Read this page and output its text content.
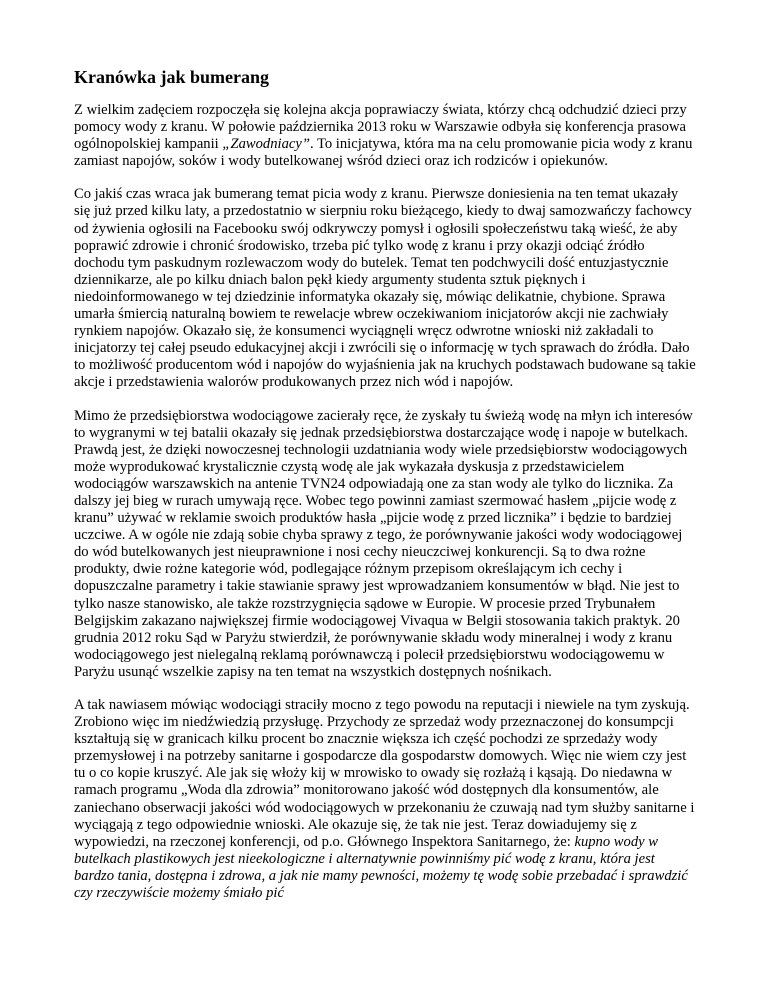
Kranówka jak bumerang

Z wielkim zadęciem rozpoczęła się kolejna akcja poprawiaczy świata, którzy chcą odchudzić dzieci przy pomocy wody z kranu. W połowie października 2013 roku w Warszawie odbyła się konferencja prasowa ogólnopolskiej kampanii „Zawodniacy”. To inicjatywa, która ma na celu promowanie picia wody z kranu zamiast napojów, soków i wody butelkowanej wśród dzieci oraz ich rodziców i opiekunów.

Co jakiś czas wraca jak bumerang temat picia wody z kranu. Pierwsze doniesienia na ten temat ukazały się już przed kilku laty, a przedostatnio w sierpniu roku bieżącego, kiedy to dwaj samozwańczy fachowcy od żywienia ogłosili na Facebooku swój odkrywczy pomysł i ogłosili społeczeństwu taką wieść, że aby poprawić zdrowie i chronić środowisko, trzeba pić tylko wodę z kranu i przy okazji odciąć źródło dochodu tym paskudnym rozlewaczom wody do butelek. Temat ten podchwycili dość entuzjastycznie dziennikarze, ale po kilku dniach balon pękł kiedy argumenty studenta sztuk pięknych i niedoinformowanego w tej dziedzinie informatyka okazały się, mówiąc delikatnie, chybione. Sprawa umarła śmiercią naturalną bowiem te rewelacje wbrew oczekiwaniom inicjatorów akcji nie zachwiały rynkiem napojów. Okazało się, że konsumenci wyciągnęli wręcz odwrotne wnioski niż zakładali to inicjatorzy tej całej pseudo edukacyjnej akcji i zwrócili się o informację w tych sprawach do źródła. Dało to możliwość producentom wód i napojów do wyjaśnienia jak na kruchych podstawach budowane są takie akcje i przedstawienia walorów produkowanych przez nich wód i napojów.

Mimo że przedsiębiorstwa wodociągowe zacierały ręce, że zyskały tu świeżą wodę na młyn ich interesów to wygranymi w tej batalii okazały się jednak przedsiębiorstwa dostarczające wodę i napoje w butelkach. Prawdą jest, że dzięki nowoczesnej technologii uzdatniania wody wiele przedsiębiorstw wodociągowych może wyprodukować krystalicznie czystą wodę ale jak wykazała dyskusja z przedstawicielem wodociągów warszawskich na antenie TVN24 odpowiadają one za stan wody ale tylko do licznika. Za dalszy jej bieg w rurach umywają ręce. Wobec tego powinni zamiast szermować hasłem „pijcie wodę z kranu” używać w reklamie swoich produktów hasła „pijcie wodę z przed licznika” i będzie to bardziej uczciwe. A w ogóle nie zdają sobie chyba sprawy z tego, że porównywanie jakości wody wodociągowej do wód butelkowanych jest nieuprawnione i nosi cechy nieuczciwej konkurencji. Są to dwa rożne produkty, dwie rożne kategorie wód, podlegające różnym przepisom określającym ich cechy i dopuszczalne parametry i takie stawianie sprawy jest wprowadzaniem konsumentów w błąd. Nie jest to tylko nasze stanowisko, ale także rozstrzygnięcia sądowe w Europie. W procesie przed Trybunałem Belgijskim zakazano największej firmie wodociągowej Vivaqua w Belgii stosowania takich praktyk. 20 grudnia 2012 roku Sąd w Paryżu stwierdził, że porównywanie składu wody mineralnej i wody z kranu wodociągowego jest nielegalną reklamą porównawczą i polecił przedsiębiorstwu wodociągowemu w Paryżu usunąć wszelkie zapisy na ten temat na wszystkich dostępnych nośnikach.

A tak nawiasem mówiąc wodociągi straciły mocno z tego powodu na reputacji i niewiele na tym zyskują. Zrobiono więc im niedźwiedzią przysługę. Przychody ze sprzedaż wody przeznaczonej do konsumpcji kształtują się w granicach kilku procent bo znacznie większa ich część pochodzi ze sprzedaży wody przemysłowej i na potrzeby sanitarne i gospodarcze dla gospodarstw domowych. Więc nie wiem czy jest tu o co kopie kruszyć. Ale jak się włoży kij w mrowisko to owady się rozłażą i kąsają. Do niedawna w ramach programu „Woda dla zdrowia” monitorowano jakość wód dostępnych dla konsumentów, ale zaniechano obserwacji jakości wód wodociągowych w przekonaniu że czuwają nad tym służby sanitarne i wyciągają z tego odpowiednie wnioski. Ale okazuje się, że tak nie jest. Teraz dowiadujemy się z wypowiedzi, na rzeczonej konferencji, od p.o. Głównego Inspektora Sanitarnego, że: kupno wody w butelkach plastikowych jest nieekologiczne i alternatywnie powinniśmy pić wodę z kranu, która jest bardzo tania, dostępna i zdrowa, a jak nie mamy pewności, możemy tę wodę sobie przebadać i sprawdzić czy rzeczywiście możemy śmiało pić
